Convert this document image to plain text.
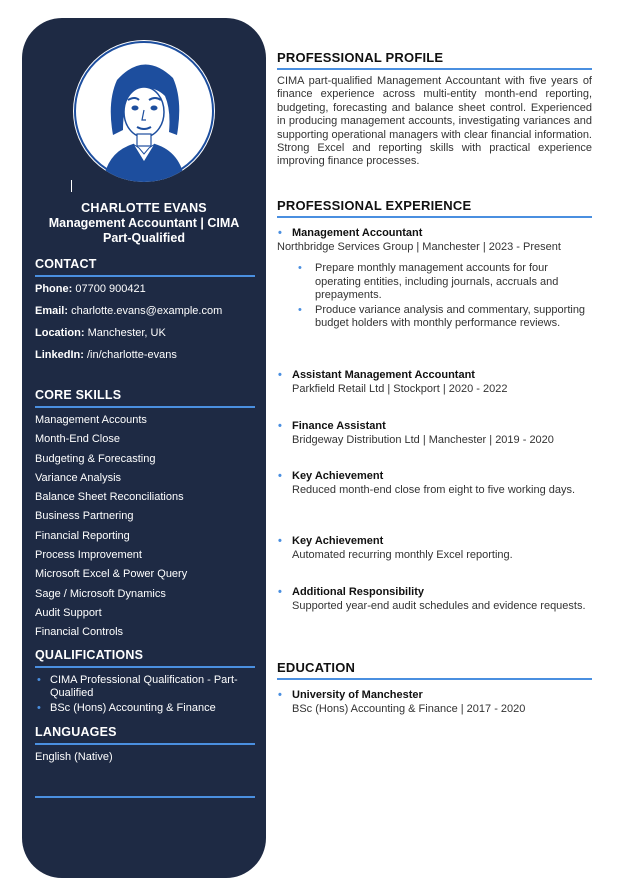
CHARLOTTE EVANS
Management Accountant | CIMA Part-Qualified
CONTACT
Phone: 07700 900421
Email: charlotte.evans@example.com
Location: Manchester, UK
LinkedIn: /in/charlotte-evans
CORE SKILLS
Management Accounts
Month-End Close
Budgeting & Forecasting
Variance Analysis
Balance Sheet Reconciliations
Business Partnering
Financial Reporting
Process Improvement
Microsoft Excel & Power Query
Sage / Microsoft Dynamics
Audit Support
Financial Controls
QUALIFICATIONS
• CIMA Professional Qualification - Part-Qualified
• BSc (Hons) Accounting & Finance
LANGUAGES
English (Native)
PROFESSIONAL PROFILE
CIMA part-qualified Management Accountant with five years of finance experience across multi-entity month-end reporting, budgeting, forecasting and balance sheet control. Experienced in producing management accounts, investigating variances and supporting operational managers with clear financial information. Strong Excel and reporting skills with practical experience improving finance processes.
PROFESSIONAL EXPERIENCE
• Management Accountant
Northbridge Services Group | Manchester | 2023 - Present
• Prepare monthly management accounts for four operating entities, including journals, accruals and prepayments.
• Produce variance analysis and commentary, supporting budget holders with monthly performance reviews.
• Assistant Management Accountant
Parkfield Retail Ltd | Stockport | 2020 - 2022
• Finance Assistant
Bridgeway Distribution Ltd | Manchester | 2019 - 2020
• Key Achievement
Reduced month-end close from eight to five working days.
• Key Achievement
Automated recurring monthly Excel reporting.
• Additional Responsibility
Supported year-end audit schedules and evidence requests.
EDUCATION
• University of Manchester
BSc (Hons) Accounting & Finance | 2017 - 2020
